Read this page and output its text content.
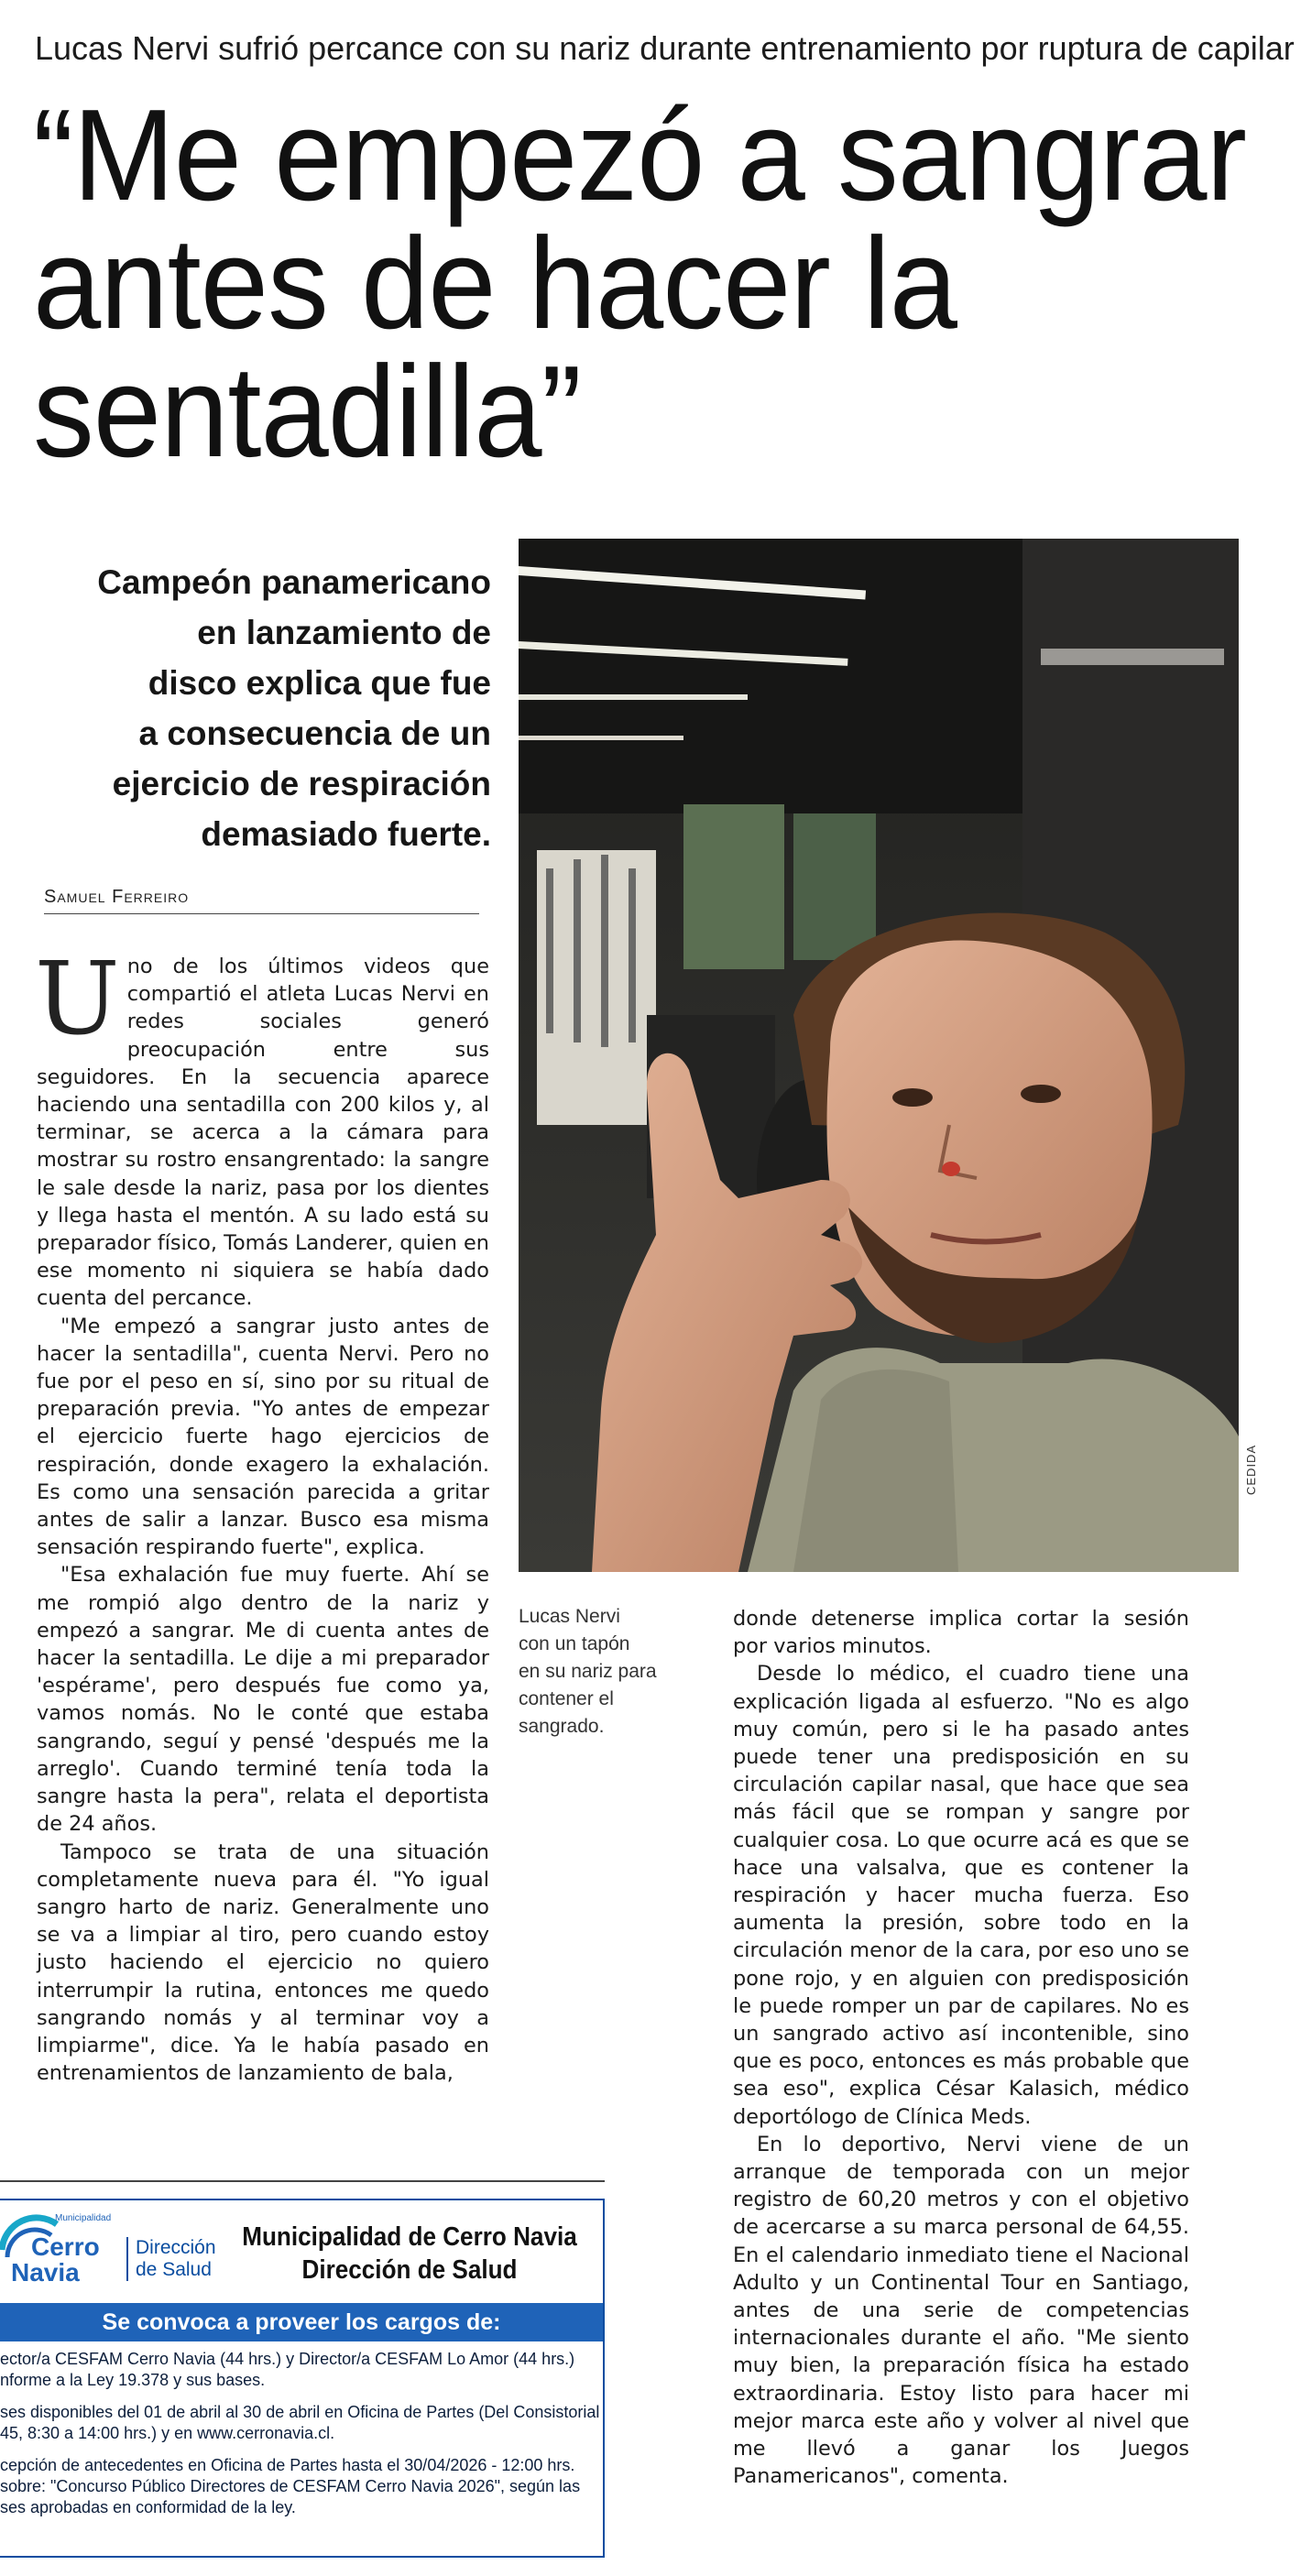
Lucas Nervi sufrió percance con su nariz durante entrenamiento por ruptura de capilar
“Me empezó a sangrar
antes de hacer la
sentadilla”
Campeón panamericano
en lanzamiento de
disco explica que fue
a consecuencia de un
ejercicio de respiración
demasiado fuerte.
Samuel Ferreiro

Uno de los últimos videos que compartió el atleta Lucas Nervi en redes sociales generó preocupación entre sus seguidores. En la secuencia aparece haciendo una sentadilla con 200 kilos y, al terminar, se acerca a la cámara para mostrar su rostro ensangrentado: la sangre le sale desde la nariz, pasa por los dientes y llega hasta el mentón. A su lado está su preparador físico, Tomás Landerer, quien en ese momento ni siquiera se había dado cuenta del percance.

"Me empezó a sangrar justo antes de hacer la sentadilla", cuenta Nervi. Pero no fue por el peso en sí, sino por su ritual de preparación previa. "Yo antes de empezar el ejercicio fuerte hago ejercicios de respiración, donde exagero la exhalación. Es como una sensación parecida a gritar antes de salir a lanzar. Busco esa misma sensación respirando fuerte", explica.

"Esa exhalación fue muy fuerte. Ahí se me rompió algo dentro de la nariz y empezó a sangrar. Me di cuenta antes de hacer la sentadilla. Le dije a mi preparador 'espérame', pero después fue como ya, vamos nomás. No le conté que estaba sangrando, seguí y pensé 'después me la arreglo'. Cuando terminé tenía toda la sangre hasta la pera", relata el deportista de 24 años.

Tampoco se trata de una situación completamente nueva para él. "Yo igual sangro harto de nariz. Generalmente uno se va a limpiar al tiro, pero cuando estoy justo haciendo el ejercicio no quiero interrumpir la rutina, entonces me quedo sangrando nomás y al terminar voy a limpiarme", dice. Ya le había pasado en entrenamientos de lanzamiento de bala,

CEDIDA
Lucas Nervi
con un tapón
en su nariz para
contener el
sangrado.

donde detenerse implica cortar la sesión por varios minutos.

Desde lo médico, el cuadro tiene una explicación ligada al esfuerzo. "No es algo muy común, pero si le ha pasado antes puede tener una predisposición en su circulación capilar nasal, que hace que sea más fácil que se rompan y sangre por cualquier cosa. Lo que ocurre acá es que se hace una valsalva, que es contener la respiración y hacer mucha fuerza. Eso aumenta la presión, sobre todo en la circulación menor de la cara, por eso uno se pone rojo, y en alguien con predisposición le puede romper un par de capilares. No es un sangrado activo así incontenible, sino que es poco, entonces es más probable que sea eso", explica César Kalasich, médico deportólogo de Clínica Meds.

En lo deportivo, Nervi viene de un arranque de temporada con un mejor registro de 60,20 metros y con el objetivo de acercarse a su marca personal de 64,55. En el calendario inmediato tiene el Nacional Adulto y un Continental Tour en Santiago, antes de una serie de competencias internacionales durante el año. "Me siento muy bien, la preparación física ha estado extraordinaria. Estoy listo para hacer mi mejor marca este año y volver al nivel que me llevó a ganar los Juegos Panamericanos", comenta.

Municipalidad
Cerro
Navia
Dirección
de Salud
Municipalidad de Cerro Navia
Dirección de Salud
Se convoca a proveer los cargos de:
ector/a CESFAM Cerro Navia (44 hrs.) y Director/a CESFAM Lo Amor (44 hrs.)
nforme a la Ley 19.378 y sus bases.
ses disponibles del 01 de abril al 30 de abril en Oficina de Partes (Del Consistorial
45, 8:30 a 14:00 hrs.) y en www.cerronavia.cl.
cepción de antecedentes en Oficina de Partes hasta el 30/04/2026 - 12:00 hrs.
sobre: "Concurso Público Directores de CESFAM Cerro Navia 2026", según las
ses aprobadas en conformidad de la ley.
